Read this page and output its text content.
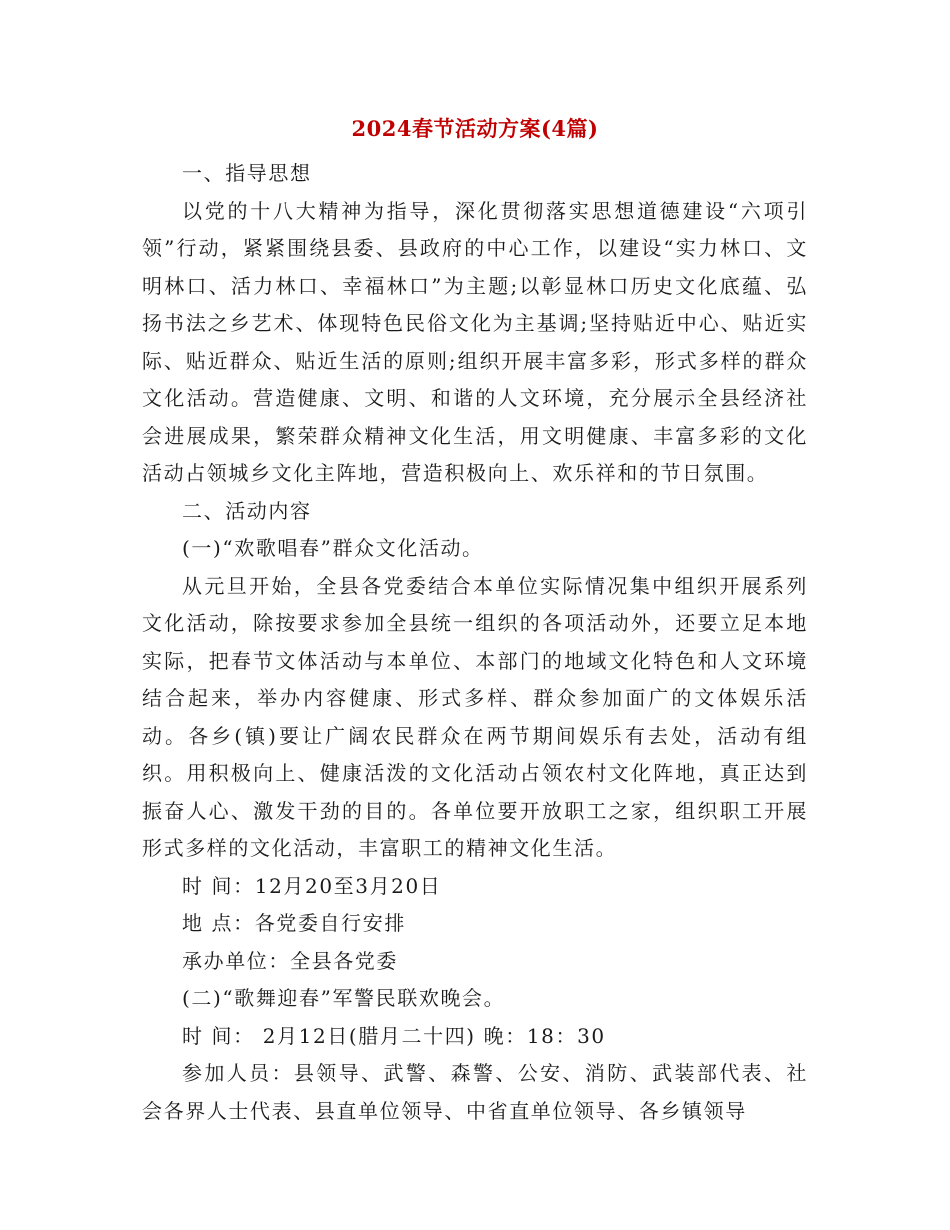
2024春节活动方案(4篇)

一、指导思想

以党的十八大精神为指导，深化贯彻落实思想道德建设“六项引领”行动，紧紧围绕县委、县政府的中心工作，以建设“实力林口、文明林口、活力林口、幸福林口”为主题;以彰显林口历史文化底蕴、弘扬书法之乡艺术、体现特色民俗文化为主基调;坚持贴近中心、贴近实际、贴近群众、贴近生活的原则;组织开展丰富多彩，形式多样的群众文化活动。营造健康、文明、和谐的人文环境，充分展示全县经济社会进展成果，繁荣群众精神文化生活，用文明健康、丰富多彩的文化活动占领城乡文化主阵地，营造积极向上、欢乐祥和的节日氛围。

二、活动内容

(一)“欢歌唱春”群众文化活动。

从元旦开始，全县各党委结合本单位实际情况集中组织开展系列文化活动，除按要求参加全县统一组织的各项活动外，还要立足本地实际，把春节文体活动与本单位、本部门的地域文化特色和人文环境结合起来，举办内容健康、形式多样、群众参加面广的文体娱乐活动。各乡(镇)要让广阔农民群众在两节期间娱乐有去处，活动有组织。用积极向上、健康活泼的文化活动占领农村文化阵地，真正达到振奋人心、激发干劲的目的。各单位要开放职工之家，组织职工开展形式多样的文化活动，丰富职工的精神文化生活。

时 间：12月20至3月20日

地 点：各党委自行安排

承办单位：全县各党委

(二)“歌舞迎春”军警民联欢晚会。

时 间： 2月12日(腊月二十四) 晚：18：30

参加人员：县领导、武警、森警、公安、消防、武装部代表、社会各界人士代表、县直单位领导、中省直单位领导、各乡镇领导
